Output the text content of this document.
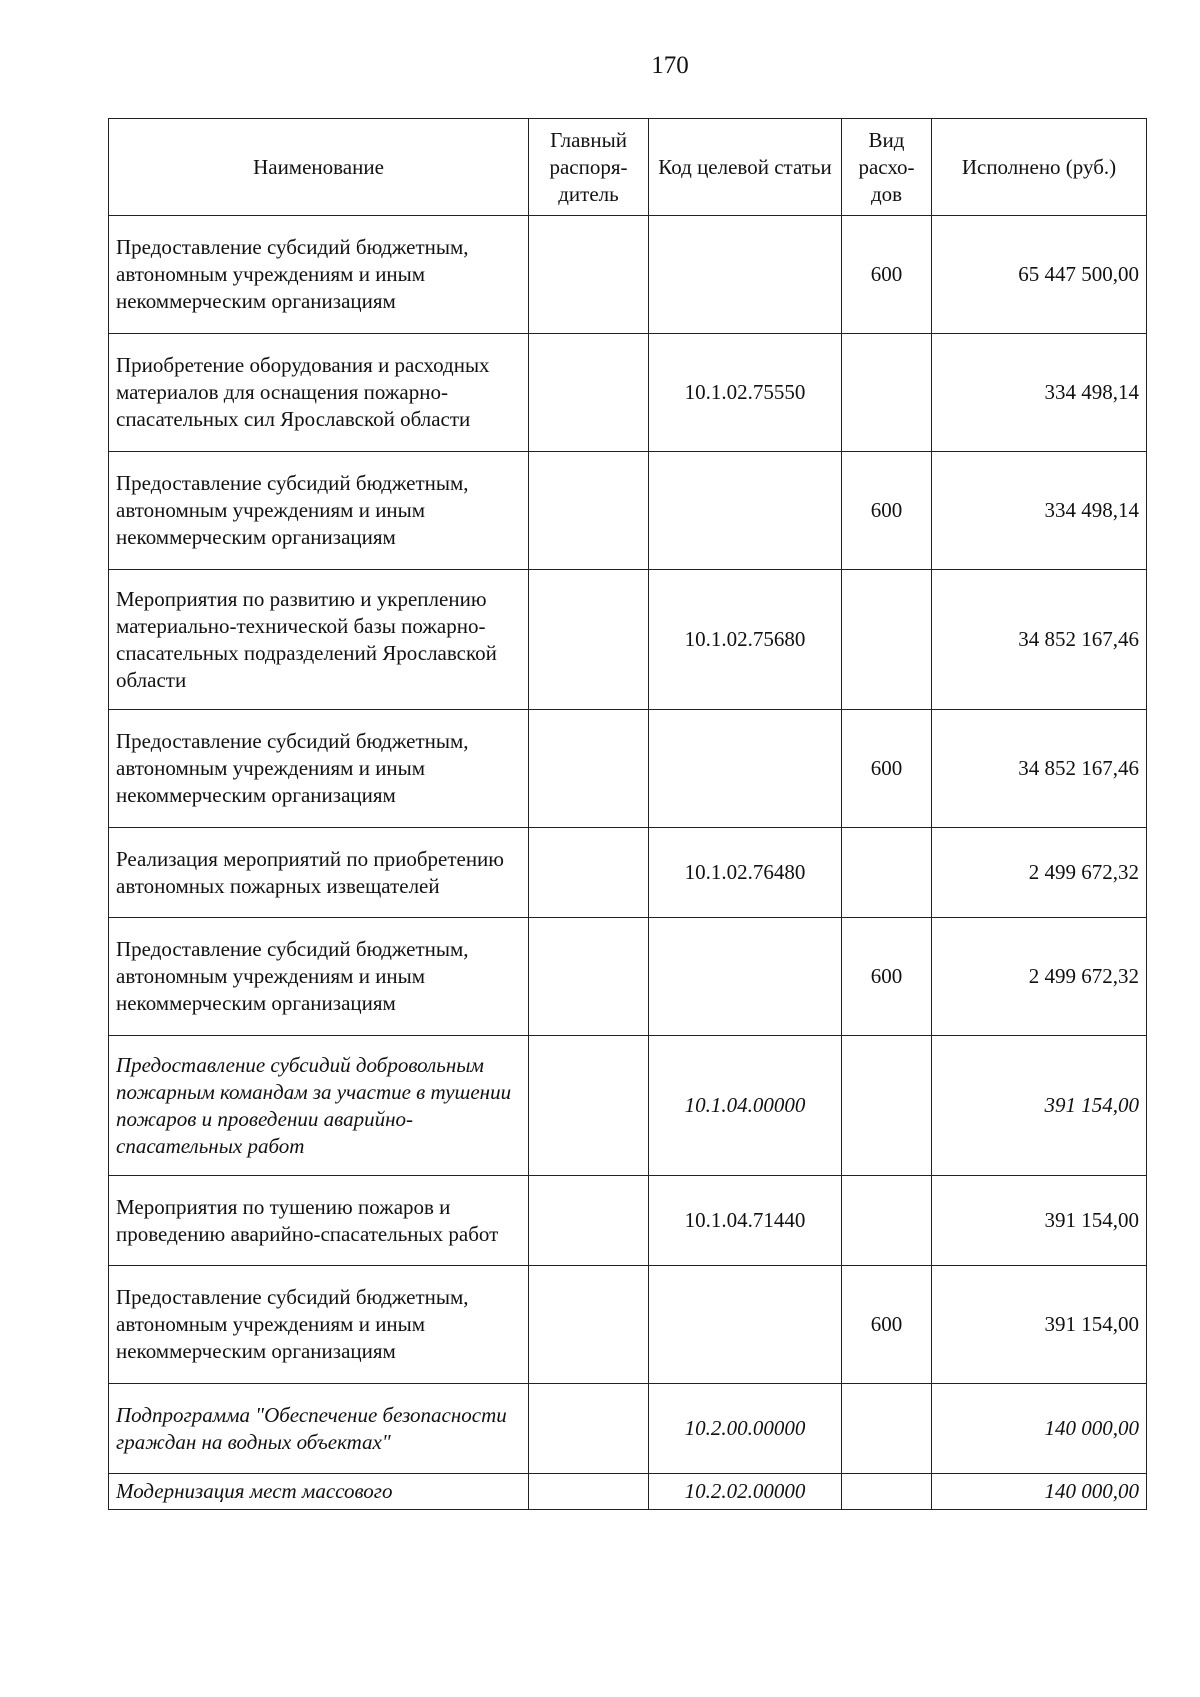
170
Наименование	Главный распоря-дитель	Код целевой статьи	Вид расхо-дов	Исполнено (руб.)
Предоставление субсидий бюджетным, автономным учреждениям и иным некоммерческим организациям			600	65 447 500,00
Приобретение оборудования и расходных материалов для оснащения пожарно-спасательных сил Ярославской области		10.1.02.75550		334 498,14
Предоставление субсидий бюджетным, автономным учреждениям и иным некоммерческим организациям			600	334 498,14
Мероприятия по развитию и укреплению материально-технической базы пожарно-спасательных подразделений Ярославской области		10.1.02.75680		34 852 167,46
Предоставление субсидий бюджетным, автономным учреждениям и иным некоммерческим организациям			600	34 852 167,46
Реализация мероприятий по приобретению автономных пожарных извещателей		10.1.02.76480		2 499 672,32
Предоставление субсидий бюджетным, автономным учреждениям и иным некоммерческим организациям			600	2 499 672,32
Предоставление субсидий добровольным пожарным командам за участие в тушении пожаров и проведении аварийно-спасательных работ		10.1.04.00000		391 154,00
Мероприятия по тушению пожаров и проведению аварийно-спасательных работ		10.1.04.71440		391 154,00
Предоставление субсидий бюджетным, автономным учреждениям и иным некоммерческим организациям			600	391 154,00
Подпрограмма "Обеспечение безопасности граждан на водных объектах"		10.2.00.00000		140 000,00
Модернизация мест массового		10.2.02.00000		140 000,00
